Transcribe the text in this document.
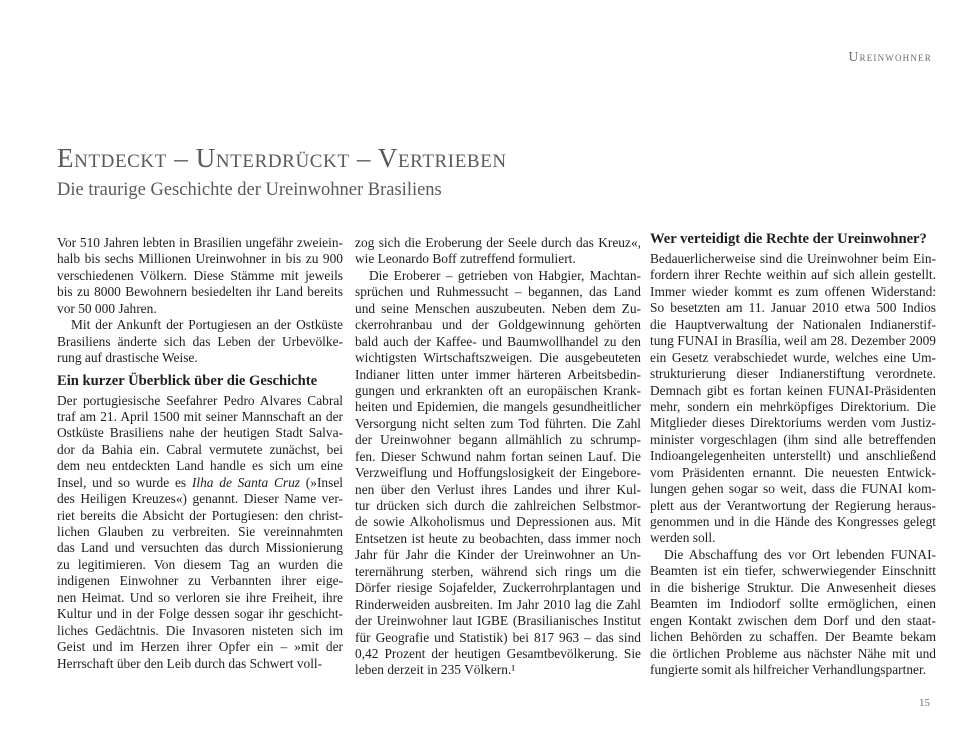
Ureinwohner
Entdeckt – Unterdrückt – Vertrieben
Die traurige Geschichte der Ureinwohner Brasiliens
Vor 510 Jahren lebten in Brasilien ungefähr zweiein-
halb bis sechs Millionen Ureinwohner in bis zu 900
verschiedenen Völkern. Diese Stämme mit jeweils
bis zu 8000 Bewohnern besiedelten ihr Land bereits
vor 50 000 Jahren.
Mit der Ankunft der Portugiesen an der Ostküste
Brasiliens änderte sich das Leben der Urbevölke-
rung auf drastische Weise.
Ein kurzer Überblick über die Geschichte
Der portugiesische Seefahrer Pedro Alvares Cabral
traf am 21. April 1500 mit seiner Mannschaft an der
Ostküste Brasiliens nahe der heutigen Stadt Salva-
dor da Bahia ein. Cabral vermutete zunächst, bei
dem neu entdeckten Land handle es sich um eine
Insel, und so wurde es Ilha de Santa Cruz (»Insel
des Heiligen Kreuzes«) genannt. Dieser Name ver-
riet bereits die Absicht der Portugiesen: den christ-
lichen Glauben zu verbreiten. Sie vereinnahmten
das Land und versuchten das durch Missionierung
zu legitimieren. Von diesem Tag an wurden die
indigenen Einwohner zu Verbannten ihrer eige-
nen Heimat. Und so verloren sie ihre Freiheit, ihre
Kultur und in der Folge dessen sogar ihr geschicht-
liches Gedächtnis. Die Invasoren nisteten sich im
Geist und im Herzen ihrer Opfer ein – »mit der
Herrschaft über den Leib durch das Schwert voll-
zog sich die Eroberung der Seele durch das Kreuz«,
wie Leonardo Boff zutreffend formuliert.
Die Eroberer – getrieben von Habgier, Machtan-
sprüchen und Ruhmessucht – begannen, das Land
und seine Menschen auszubeuten. Neben dem Zu-
ckerrohranbau und der Goldgewinnung gehörten
bald auch der Kaffee- und Baumwollhandel zu den
wichtigsten Wirtschaftszweigen. Die ausgebeuteten
Indianer litten unter immer härteren Arbeitsbedin-
gungen und erkrankten oft an europäischen Krank-
heiten und Epidemien, die mangels gesundheitlicher
Versorgung nicht selten zum Tod führten. Die Zahl
der Ureinwohner begann allmählich zu schrump-
fen. Dieser Schwund nahm fortan seinen Lauf. Die
Verzweiflung und Hoffungslosigkeit der Eingebore-
nen über den Verlust ihres Landes und ihrer Kul-
tur drücken sich durch die zahlreichen Selbstmor-
de sowie Alkoholismus und Depressionen aus. Mit
Entsetzen ist heute zu beobachten, dass immer noch
Jahr für Jahr die Kinder der Ureinwohner an Un-
terernährung sterben, während sich rings um die
Dörfer riesige Sojafelder, Zuckerrohrplantagen und
Rinderweiden ausbreiten. Im Jahr 2010 lag die Zahl
der Ureinwohner laut IGBE (Brasilianisches Institut
für Geografie und Statistik) bei 817 963 – das sind
0,42 Prozent der heutigen Gesamtbevölkerung. Sie
leben derzeit in 235 Völkern.¹
Wer verteidigt die Rechte der Ureinwohner?
Bedauerlicherweise sind die Ureinwohner beim Ein-
fordern ihrer Rechte weithin auf sich allein gestellt.
Immer wieder kommt es zum offenen Widerstand:
So besetzten am 11. Januar 2010 etwa 500 Indios
die Hauptverwaltung der Nationalen Indianerstif-
tung FUNAI in Brasília, weil am 28. Dezember 2009
ein Gesetz verabschiedet wurde, welches eine Um-
strukturierung dieser Indianerstiftung verordnete.
Demnach gibt es fortan keinen FUNAI-Präsidenten
mehr, sondern ein mehrköpfiges Direktorium. Die
Mitglieder dieses Direktoriums werden vom Justiz-
minister vorgeschlagen (ihm sind alle betreffenden
Indioangelegenheiten unterstellt) und anschließend
vom Präsidenten ernannt. Die neuesten Entwick-
lungen gehen sogar so weit, dass die FUNAI kom-
plett aus der Verantwortung der Regierung heraus-
genommen und in die Hände des Kongresses gelegt
werden soll.
Die Abschaffung des vor Ort lebenden FUNAI-
Beamten ist ein tiefer, schwerwiegender Einschnitt
in die bisherige Struktur. Die Anwesenheit dieses
Beamten im Indiodorf sollte ermöglichen, einen
engen Kontakt zwischen dem Dorf und den staat-
lichen Behörden zu schaffen. Der Beamte bekam
die örtlichen Probleme aus nächster Nähe mit und
fungierte somit als hilfreicher Verhandlungspartner.
15
